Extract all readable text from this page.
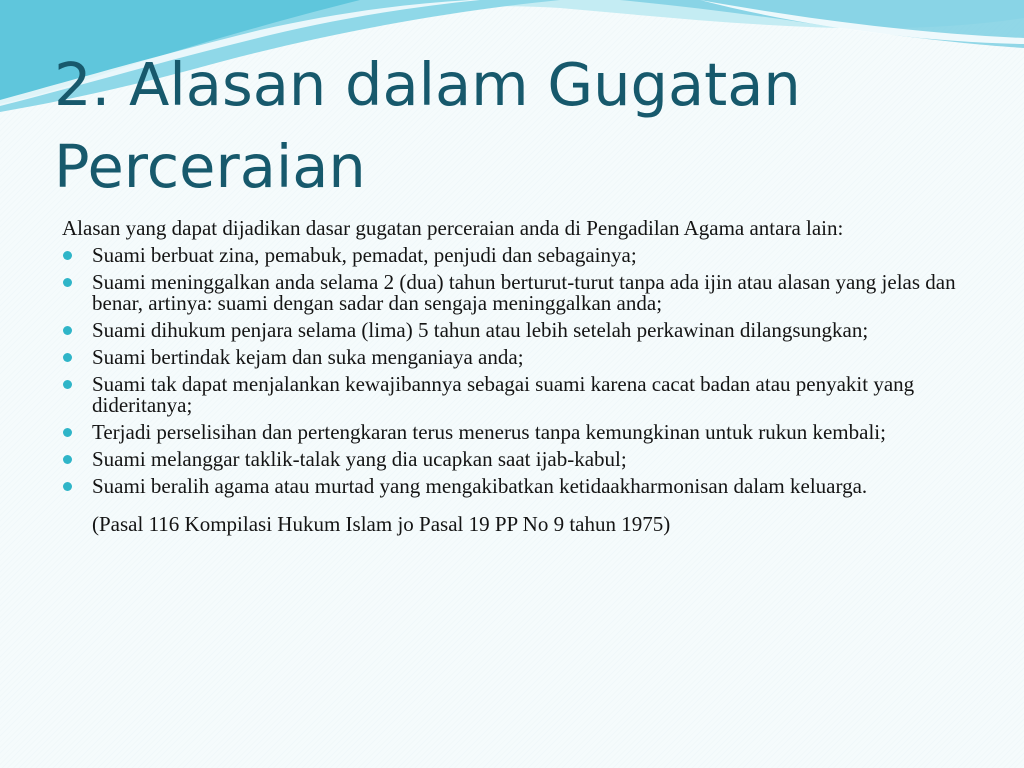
2. Alasan dalam Gugatan Perceraian

Alasan yang dapat dijadikan dasar gugatan perceraian anda di Pengadilan Agama antara lain:

Suami berbuat zina, pemabuk, pemadat, penjudi dan sebagainya;
Suami meninggalkan anda selama 2 (dua) tahun berturut-turut tanpa ada ijin atau alasan yang jelas dan benar, artinya: suami dengan sadar dan sengaja meninggalkan anda;
Suami dihukum penjara selama (lima) 5 tahun atau lebih setelah perkawinan dilangsungkan;
Suami bertindak kejam dan suka menganiaya anda;
Suami tak dapat menjalankan kewajibannya sebagai suami karena cacat badan atau penyakit yang dideritanya;
Terjadi perselisihan dan pertengkaran terus menerus tanpa kemungkinan untuk rukun kembali;
Suami melanggar taklik-talak yang dia ucapkan saat ijab-kabul;
Suami beralih agama atau murtad yang mengakibatkan ketidaakharmonisan dalam keluarga.

(Pasal 116 Kompilasi Hukum Islam jo Pasal 19 PP No 9 tahun 1975)
